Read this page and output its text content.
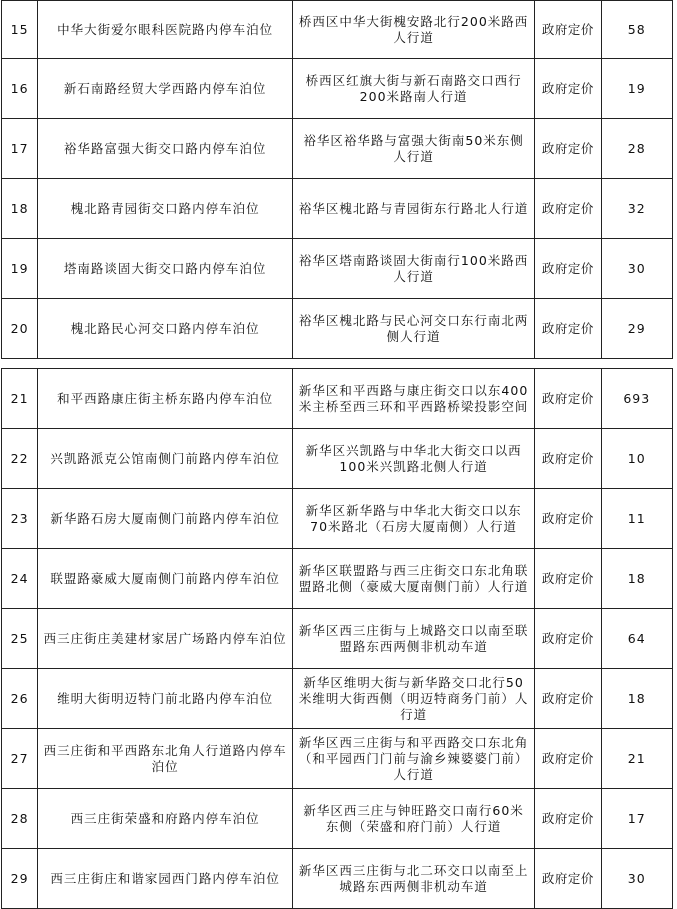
15	中华大街爱尔眼科医院路内停车泊位	桥西区中华大街槐安路北行200米路西人行道	政府定价	58
16	新石南路经贸大学西路内停车泊位	桥西区红旗大街与新石南路交口西行200米路南人行道	政府定价	19
17	裕华路富强大街交口路内停车泊位	裕华区裕华路与富强大街南50米东侧人行道	政府定价	28
18	槐北路青园街交口路内停车泊位	裕华区槐北路与青园街东行路北人行道	政府定价	32
19	塔南路谈固大街交口路内停车泊位	裕华区塔南路谈固大街南行100米路西人行道	政府定价	30
20	槐北路民心河交口路内停车泊位	裕华区槐北路与民心河交口东行南北两侧人行道	政府定价	29
21	和平西路康庄街主桥东路内停车泊位	新华区和平西路与康庄街交口以东400米主桥至西三环和平西路桥梁投影空间	政府定价	693
22	兴凯路派克公馆南侧门前路内停车泊位	新华区兴凯路与中华北大街交口以西100米兴凯路北侧人行道	政府定价	10
23	新华路石房大厦南侧门前路内停车泊位	新华区新华路与中华北大街交口以东70米路北（石房大厦南侧）人行道	政府定价	11
24	联盟路豪威大厦南侧门前路内停车泊位	新华区联盟路与西三庄街交口东北角联盟路北侧（豪威大厦南侧门前）人行道	政府定价	18
25	西三庄街庄美建材家居广场路内停车泊位	新华区西三庄街与上城路交口以南至联盟路东西两侧非机动车道	政府定价	64
26	维明大街明迈特门前北路内停车泊位	新华区维明大街与新华路交口北行50米维明大街西侧（明迈特商务门前）人行道	政府定价	18
27	西三庄街和平西路东北角人行道路内停车泊位	新华区西三庄街与和平西路交口东北角（和平园西门门前与渝乡辣婆婆门前）人行道	政府定价	21
28	西三庄街荣盛和府路内停车泊位	新华区西三庄与钟旺路交口南行60米东侧（荣盛和府门前）人行道	政府定价	17
29	西三庄街庄和谐家园西门路内停车泊位	新华区西三庄街与北二环交口以南至上城路东西两侧非机动车道	政府定价	30
